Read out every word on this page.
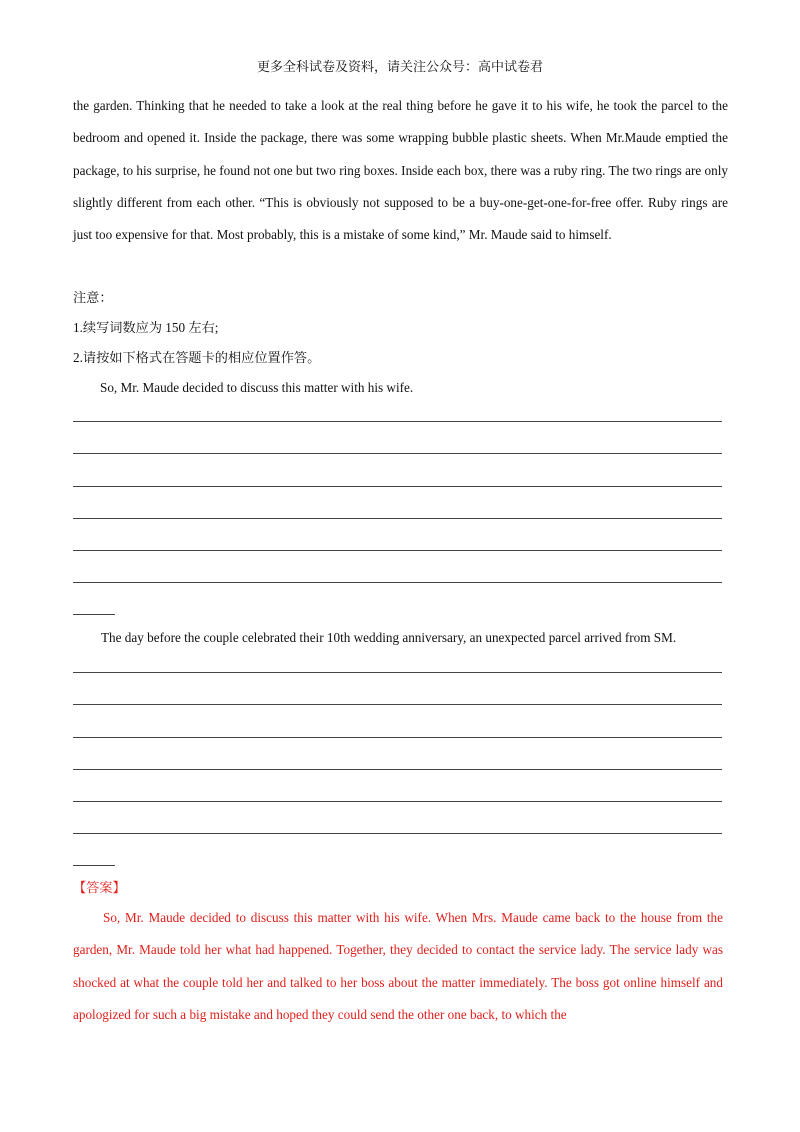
更多全科试卷及资料，请关注公众号：高中试卷君
the garden. Thinking that he needed to take a look at the real thing before he gave it to his wife, he took the parcel to the bedroom and opened it. Inside the package, there was some wrapping bubble plastic sheets. When Mr.Maude emptied the package, to his surprise, he found not one but two ring boxes. Inside each box, there was a ruby ring. The two rings are only slightly different from each other. “This is obviously not supposed to be a buy-one-get-one-for-free offer. Ruby rings are just too expensive for that. Most probably, this is a mistake of some kind,” Mr. Maude said to himself.
注意：
1.续写词数应为 150 左右;
2.请按如下格式在答题卡的相应位置作答。
So, Mr. Maude decided to discuss this matter with his wife.
The day before the couple celebrated their 10th wedding anniversary, an unexpected parcel arrived from SM.
【答案】
So, Mr. Maude decided to discuss this matter with his wife. When Mrs. Maude came back to the house from the garden, Mr. Maude told her what had happened. Together, they decided to contact the service lady. The service lady was shocked at what the couple told her and talked to her boss about the matter immediately. The boss got online himself and apologized for such a big mistake and hoped they could send the other one back, to which the
